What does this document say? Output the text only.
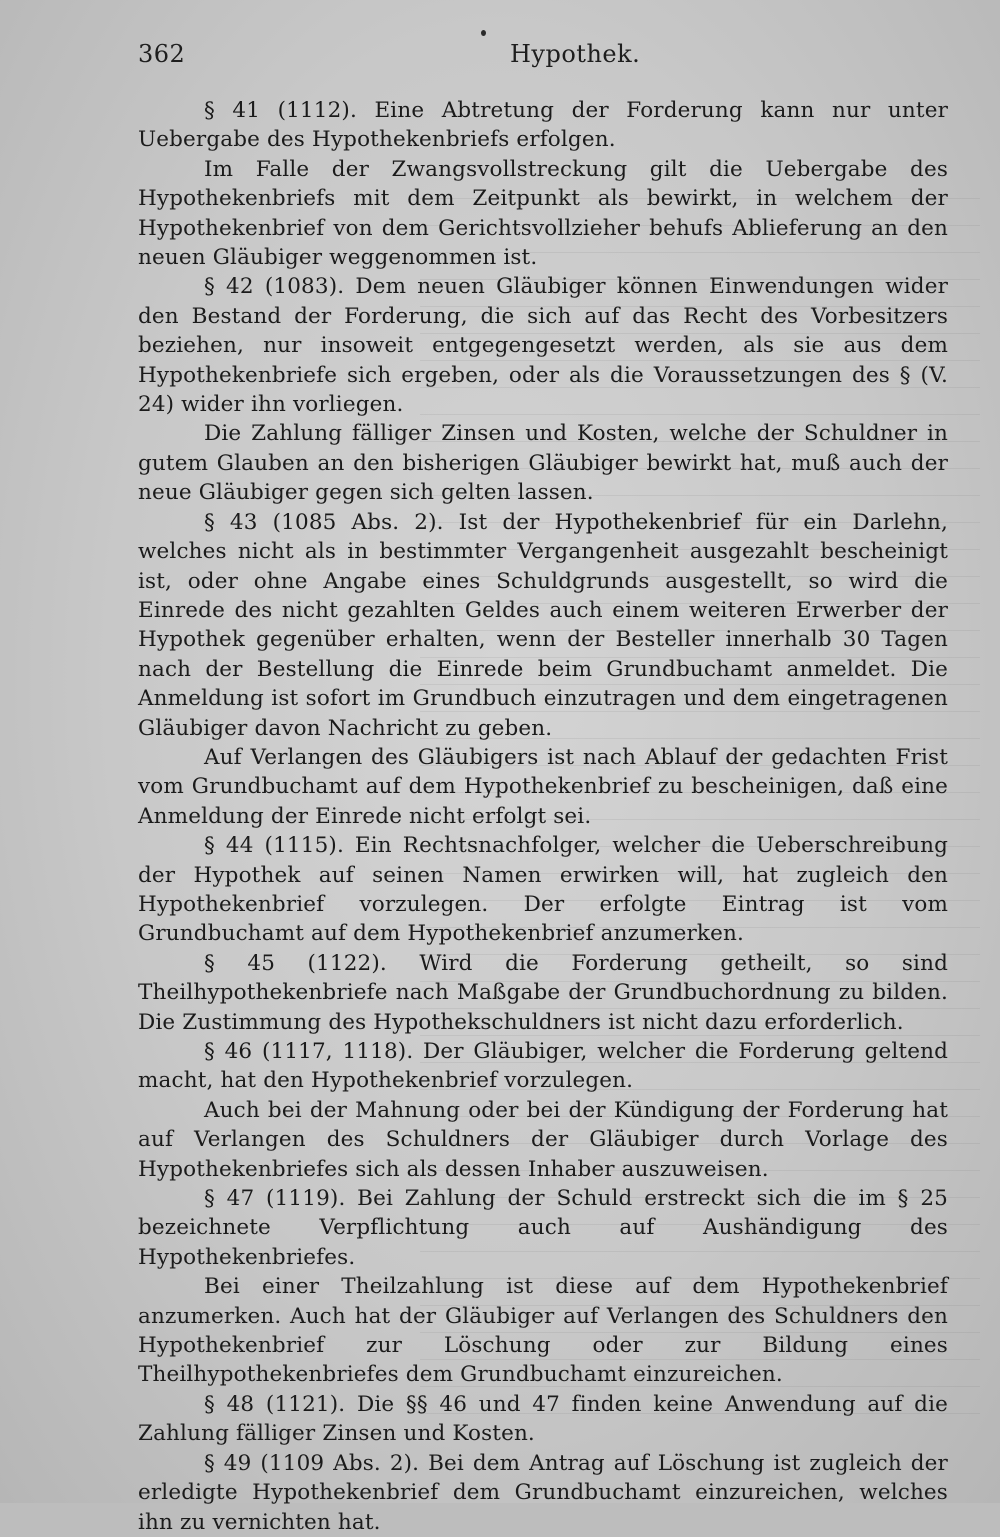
362	Hypothek.

§ 41 (1112). Eine Abtretung der Forderung kann nur unter Uebergabe des Hypothekenbriefs erfolgen.

Im Falle der Zwangsvollstreckung gilt die Uebergabe des Hypothekenbriefs mit dem Zeitpunkt als bewirkt, in welchem der Hypothekenbrief von dem Gerichtsvollzieher behufs Ablieferung an den neuen Gläubiger weggenommen ist.

§ 42 (1083). Dem neuen Gläubiger können Einwendungen wider den Bestand der Forderung, die sich auf das Recht des Vorbesitzers beziehen, nur insoweit entgegengesetzt werden, als sie aus dem Hypothekenbriefe sich ergeben, oder als die Voraussetzungen des § (V. 24) wider ihn vorliegen.

Die Zahlung fälliger Zinsen und Kosten, welche der Schuldner in gutem Glauben an den bisherigen Gläubiger bewirkt hat, muß auch der neue Gläubiger gegen sich gelten lassen.

§ 43 (1085 Abs. 2). Ist der Hypothekenbrief für ein Darlehn, welches nicht als in bestimmter Vergangenheit ausgezahlt bescheinigt ist, oder ohne Angabe eines Schuldgrunds ausgestellt, so wird die Einrede des nicht gezahlten Geldes auch einem weiteren Erwerber der Hypothek gegenüber erhalten, wenn der Besteller innerhalb 30 Tagen nach der Bestellung die Einrede beim Grundbuchamt anmeldet. Die Anmeldung ist sofort im Grundbuch einzutragen und dem eingetragenen Gläubiger davon Nachricht zu geben.

Auf Verlangen des Gläubigers ist nach Ablauf der gedachten Frist vom Grundbuchamt auf dem Hypothekenbrief zu bescheinigen, daß eine Anmeldung der Einrede nicht erfolgt sei.

§ 44 (1115). Ein Rechtsnachfolger, welcher die Ueberschreibung der Hypothek auf seinen Namen erwirken will, hat zugleich den Hypothekenbrief vorzulegen. Der erfolgte Eintrag ist vom Grundbuchamt auf dem Hypothekenbrief anzumerken.

§ 45 (1122). Wird die Forderung getheilt, so sind Theilhypothekenbriefe nach Maßgabe der Grundbuchordnung zu bilden. Die Zustimmung des Hypothekschuldners ist nicht dazu erforderlich.

§ 46 (1117, 1118). Der Gläubiger, welcher die Forderung geltend macht, hat den Hypothekenbrief vorzulegen.

Auch bei der Mahnung oder bei der Kündigung der Forderung hat auf Verlangen des Schuldners der Gläubiger durch Vorlage des Hypothekenbriefes sich als dessen Inhaber auszuweisen.

§ 47 (1119). Bei Zahlung der Schuld erstreckt sich die im § 25 bezeichnete Verpflichtung auch auf Aushändigung des Hypothekenbriefes.

Bei einer Theilzahlung ist diese auf dem Hypothekenbrief anzumerken. Auch hat der Gläubiger auf Verlangen des Schuldners den Hypothekenbrief zur Löschung oder zur Bildung eines Theilhypothekenbriefes dem Grundbuchamt einzureichen.

§ 48 (1121). Die §§ 46 und 47 finden keine Anwendung auf die Zahlung fälliger Zinsen und Kosten.

§ 49 (1109 Abs. 2). Bei dem Antrag auf Löschung ist zugleich der erledigte Hypothekenbrief dem Grundbuchamt einzureichen, welches ihn zu vernichten hat.
